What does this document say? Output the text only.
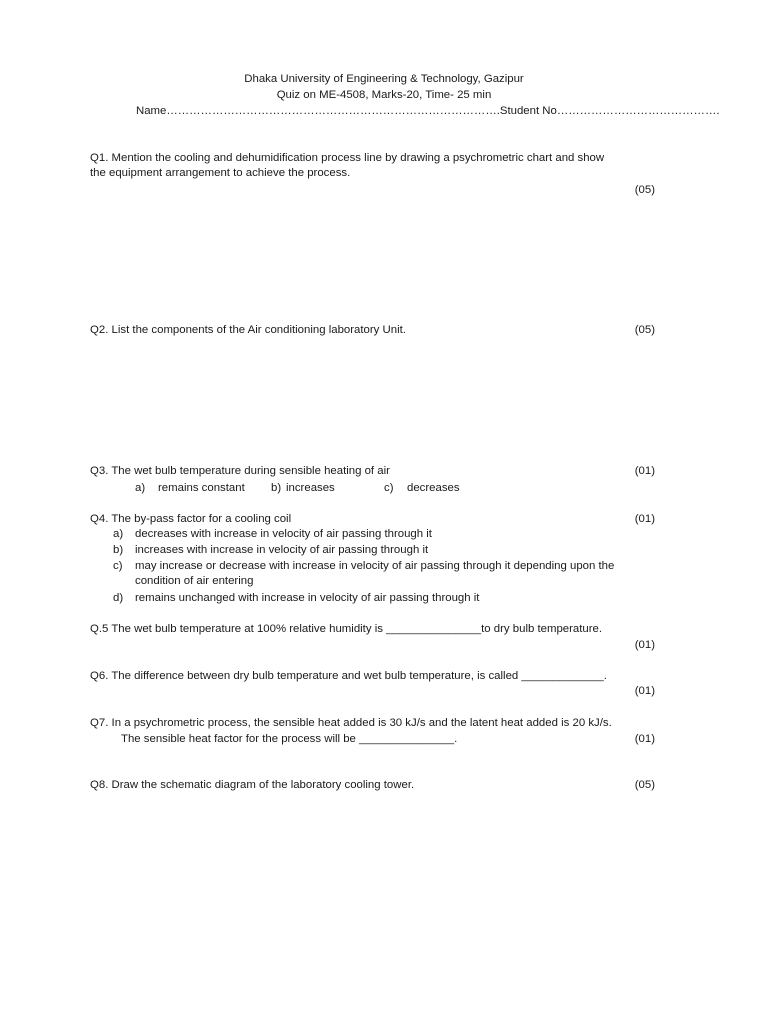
Dhaka University of Engineering & Technology, Gazipur
Quiz on ME-4508, Marks-20, Time- 25 min
Name…………………………………………………………………………….Student No…………………………………….
Q1. Mention the cooling and dehumidification process line by drawing a psychrometric chart and show
the equipment arrangement to achieve the process.
(05)
Q2. List the components of the Air conditioning laboratory Unit.	(05)
Q3. The wet bulb temperature during sensible heating of air	(01)
a) remains constant b) increases	c) decreases
Q4. The by-pass factor for a cooling coil	(01)
a) decreases with increase in velocity of air passing through it
b) increases with increase in velocity of air passing through it
c) may increase or decrease with increase in velocity of air passing through it depending upon the
condition of air entering
d) remains unchanged with increase in velocity of air passing through it
Q.5 The wet bulb temperature at 100% relative humidity is _______________to dry bulb temperature.
(01)
Q6. The difference between dry bulb temperature and wet bulb temperature, is called _____________.
(01)
Q7. In a psychrometric process, the sensible heat added is 30 kJ/s and the latent heat added is 20 kJ/s.
The sensible heat factor for the process will be _______________.	(01)
Q8. Draw the schematic diagram of the laboratory cooling tower.	(05)
